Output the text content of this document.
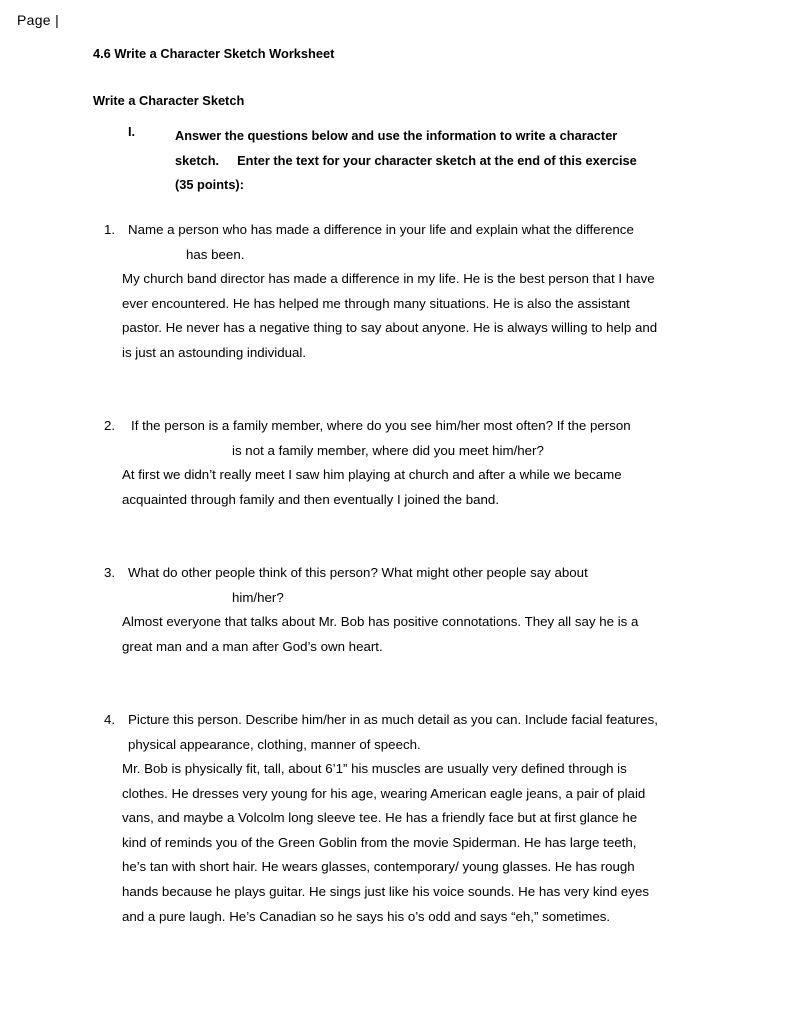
Page |
4.6 Write a Character Sketch Worksheet
Write a Character Sketch
I.	Answer the questions below and use the information to write a character
sketch. Enter the text for your character sketch at the end of this exercise
(35 points):
1. Name a person who has made a difference in your life and explain what the difference
has been.
My church band director has made a difference in my life. He is the best person that I have
ever encountered. He has helped me through many situations. He is also the assistant
pastor. He never has a negative thing to say about anyone. He is always willing to help and
is just an astounding individual.
2. If the person is a family member, where do you see him/her most often? If the person
is not a family member, where did you meet him/her?
At first we didn’t really meet I saw him playing at church and after a while we became
acquainted through family and then eventually I joined the band.
3. What do other people think of this person? What might other people say about
him/her?
Almost everyone that talks about Mr. Bob has positive connotations. They all say he is a
great man and a man after God’s own heart.
4. Picture this person. Describe him/her in as much detail as you can. Include facial features,
physical appearance, clothing, manner of speech.
Mr. Bob is physically fit, tall, about 6’1” his muscles are usually very defined through is
clothes. He dresses very young for his age, wearing American eagle jeans, a pair of plaid
vans, and maybe a Volcolm long sleeve tee. He has a friendly face but at first glance he
kind of reminds you of the Green Goblin from the movie Spiderman. He has large teeth,
he’s tan with short hair. He wears glasses, contemporary/ young glasses. He has rough
hands because he plays guitar. He sings just like his voice sounds. He has very kind eyes
and a pure laugh. He’s Canadian so he says his o’s odd and says “eh,” sometimes.
